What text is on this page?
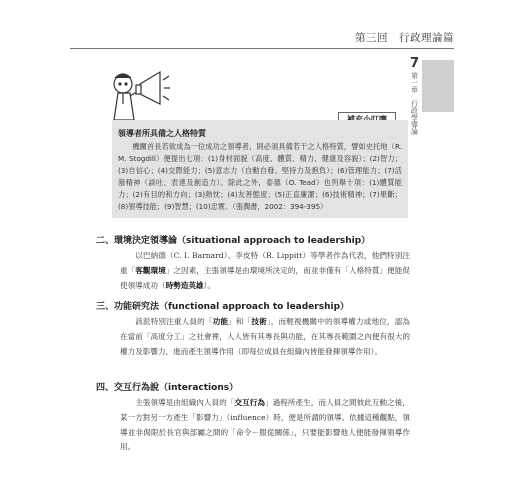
第三回　行政理論篇
7
第一章
行政學導論
領導者所具備之人格特質
機關首長若欲成為一位成功之領導者，則必須具備若干之人格特質，譬如史托地（R. M. Stogdill）便提出七項：(1)身材面貌（高度、體質、精力、健康及容貌）；(2)智力；(3)自信心；(4)交際能力；(5)意志力（自動自發、堅持力及抱負）；(6)管理能力；(7)活潑精神（談吐、表達及創造力）。除此之外，泰德（O. Tead）也列舉十項：(1)體質能力；(2)有目的和方向；(3)熱忱；(4)友善態度；(5)正直廉潔；(6)技術精神；(7)果斷；(8)領導技能；(9)智慧；(10)忠實。（張潤書，2002：394-395）
二、環境決定領導論（situational approach to leadership）
以巴納德（C. I. Barnard）、李皮特（R. Lippitt）等學者作為代表，他們特別注重「客觀環境」之因素，主張領導是由環境所決定的，而並非僅有「人格特質」便能促使領導成功（時勢造英雄）。
三、功能研究法（functional approach to leadership）
該派特別注重人員的「功能」和「技術」，而輕視機關中的領導權力或地位，認為在當前「高度分工」之社會裡，人人皆有其專長與功能，在其專長範圍之內便有很大的權力及影響力，進而產生領導作用（即每位成員在組織內皆能發揮領導作用）。
四、交互行為說（interactions）
主張領導是由組織內人員的「交互行為」過程所產生，而人員之間彼此互動之後，某一方對另一方產生「影響力」（influence）時，便是所謂的領導。依據這種觀點，領導並非侷限於長官與部屬之間的「命令－服從關係」，只要能影響他人便能發揮領導作用。
